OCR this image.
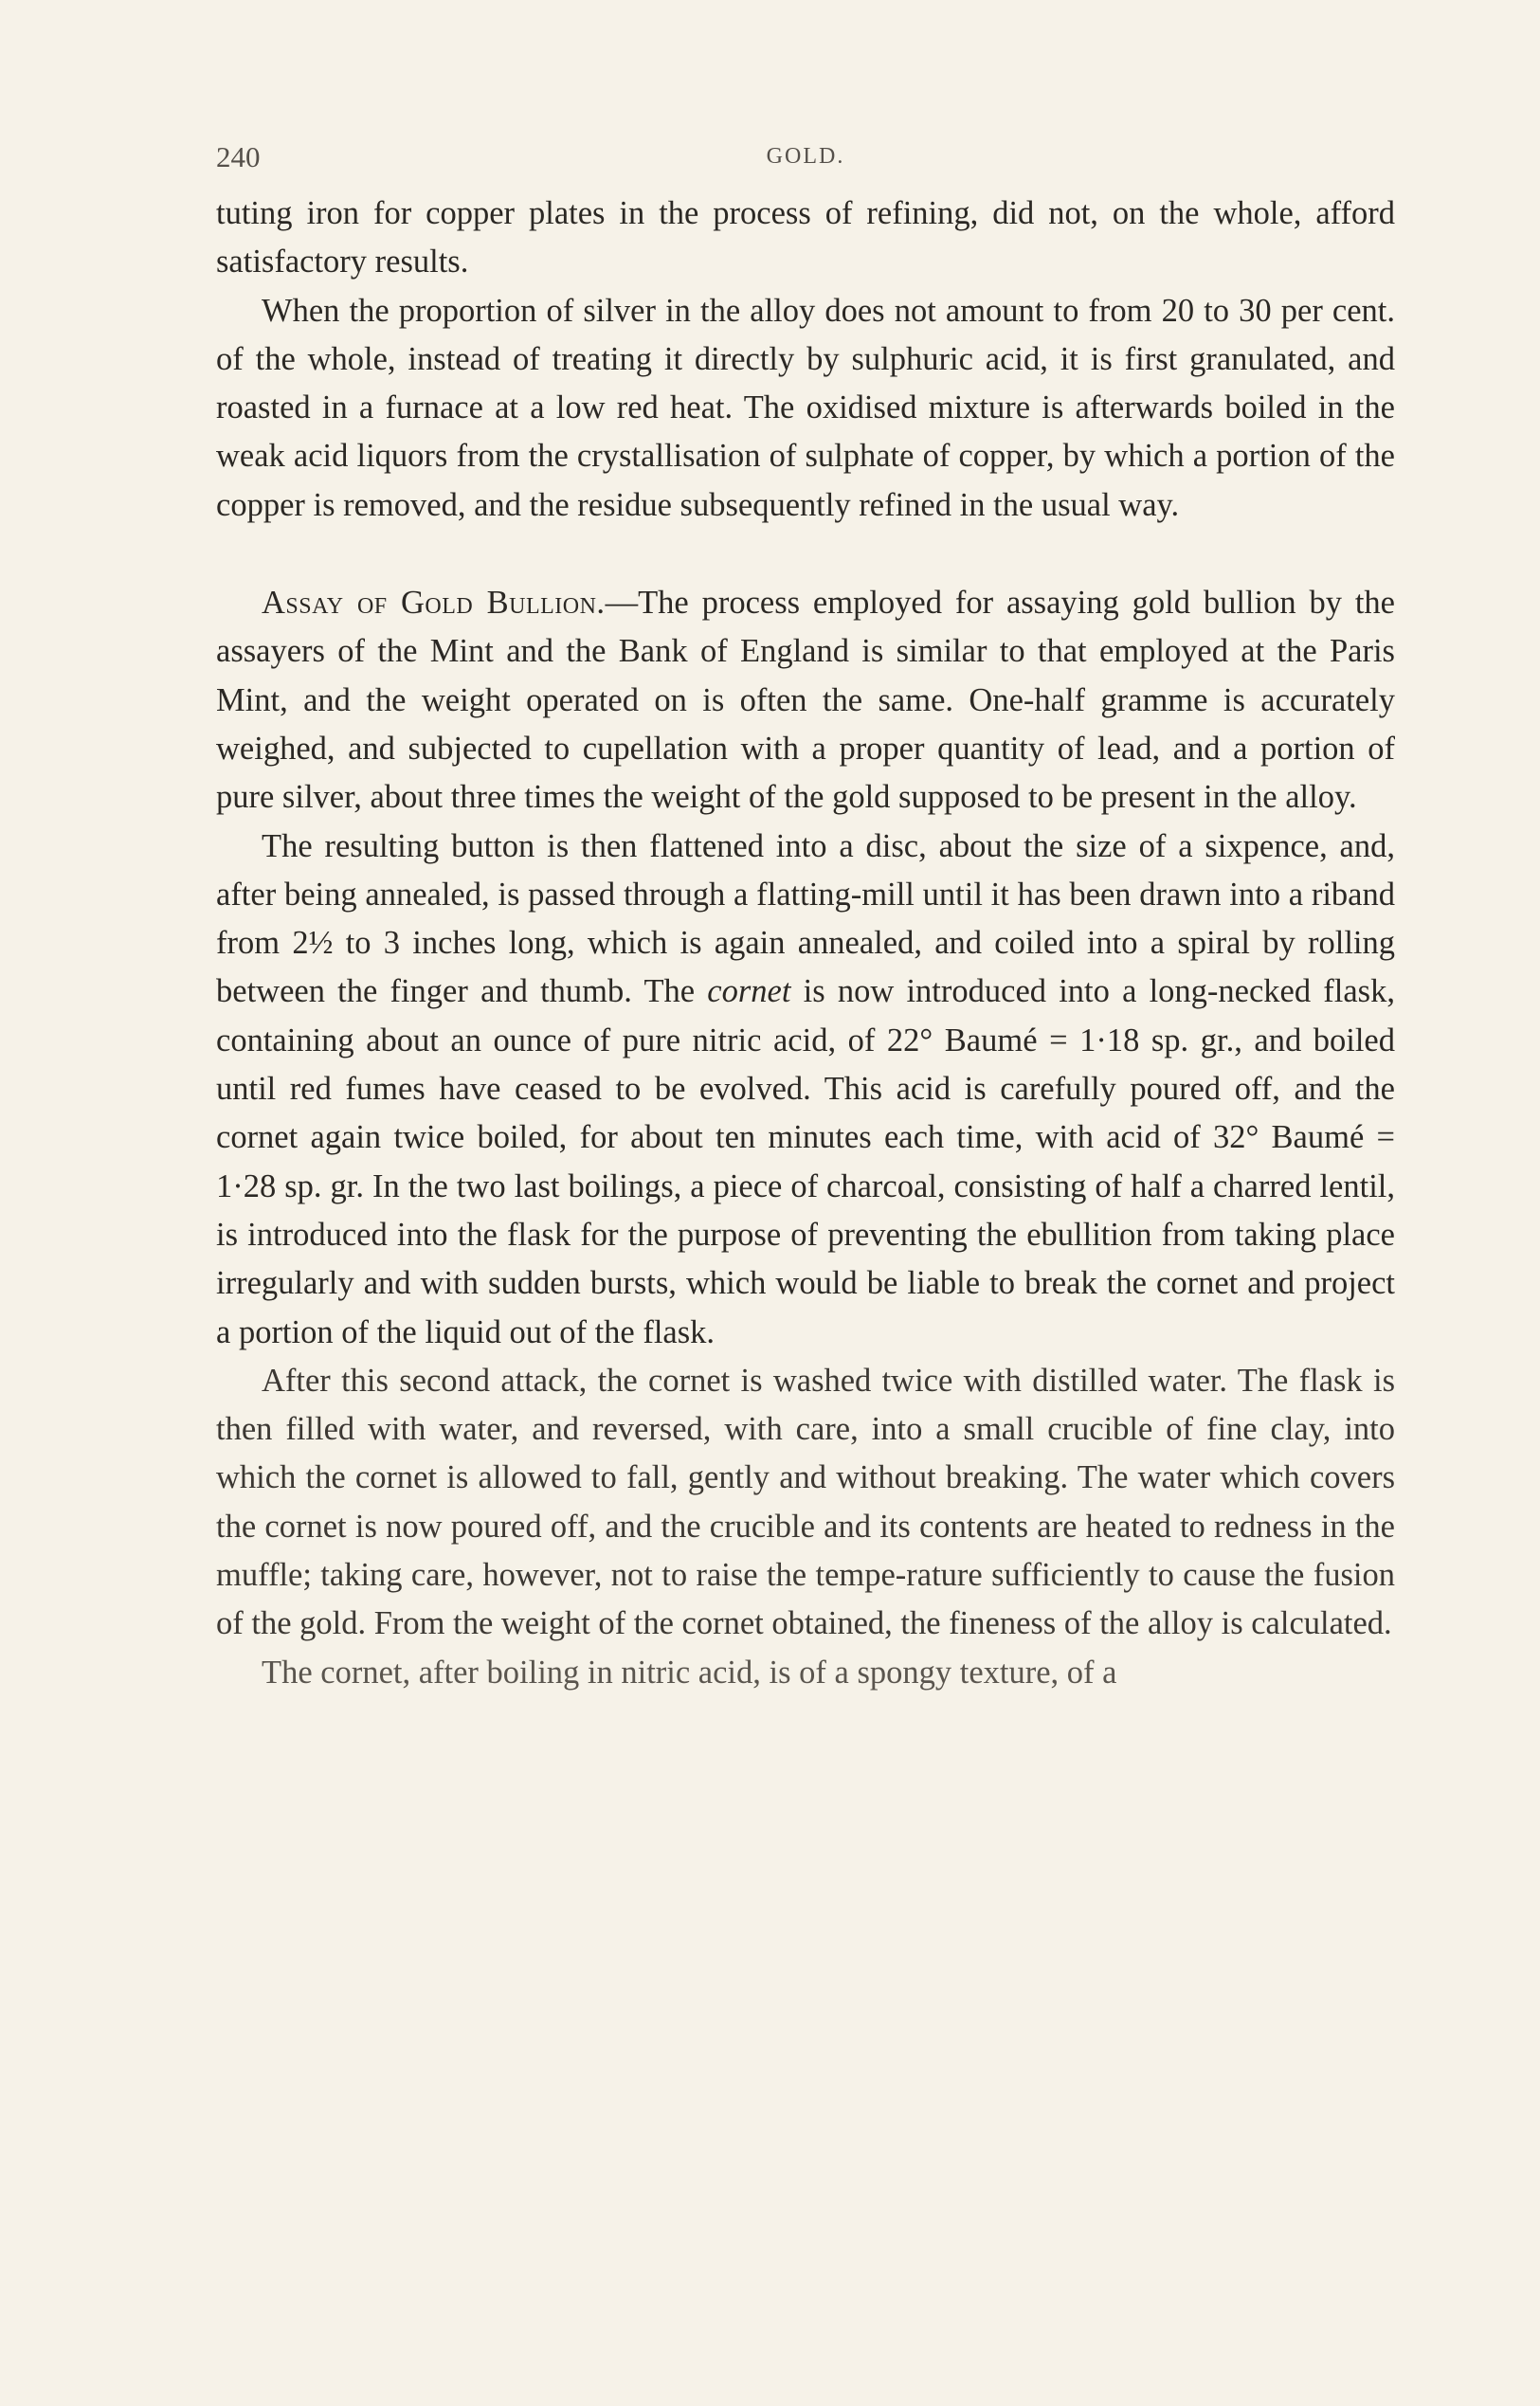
240	GOLD.

tuting iron for copper plates in the process of refining, did not, on the whole, afford satisfactory results.

When the proportion of silver in the alloy does not amount to from 20 to 30 per cent. of the whole, instead of treating it directly by sulphuric acid, it is first granulated, and roasted in a furnace at a low red heat. The oxidised mixture is afterwards boiled in the weak acid liquors from the crystallisation of sulphate of copper, by which a portion of the copper is removed, and the residue subsequently refined in the usual way.

Assay of Gold Bullion.—The process employed for assaying gold bullion by the assayers of the Mint and the Bank of England is similar to that employed at the Paris Mint, and the weight operated on is often the same. One-half gramme is accurately weighed, and subjected to cupellation with a proper quantity of lead, and a portion of pure silver, about three times the weight of the gold supposed to be present in the alloy.

The resulting button is then flattened into a disc, about the size of a sixpence, and, after being annealed, is passed through a flatting-mill until it has been drawn into a riband from 2½ to 3 inches long, which is again annealed, and coiled into a spiral by rolling between the finger and thumb. The cornet is now introduced into a long-necked flask, containing about an ounce of pure nitric acid, of 22° Baumé = 1·18 sp. gr., and boiled until red fumes have ceased to be evolved. This acid is carefully poured off, and the cornet again twice boiled, for about ten minutes each time, with acid of 32° Baumé = 1·28 sp. gr. In the two last boilings, a piece of charcoal, consisting of half a charred lentil, is introduced into the flask for the purpose of preventing the ebullition from taking place irregularly and with sudden bursts, which would be liable to break the cornet and project a portion of the liquid out of the flask.

After this second attack, the cornet is washed twice with distilled water. The flask is then filled with water, and reversed, with care, into a small crucible of fine clay, into which the cornet is allowed to fall, gently and without breaking. The water which covers the cornet is now poured off, and the crucible and its contents are heated to redness in the muffle; taking care, however, not to raise the tempe-rature sufficiently to cause the fusion of the gold. From the weight of the cornet obtained, the fineness of the alloy is calculated.

The cornet, after boiling in nitric acid, is of a spongy texture, of a
